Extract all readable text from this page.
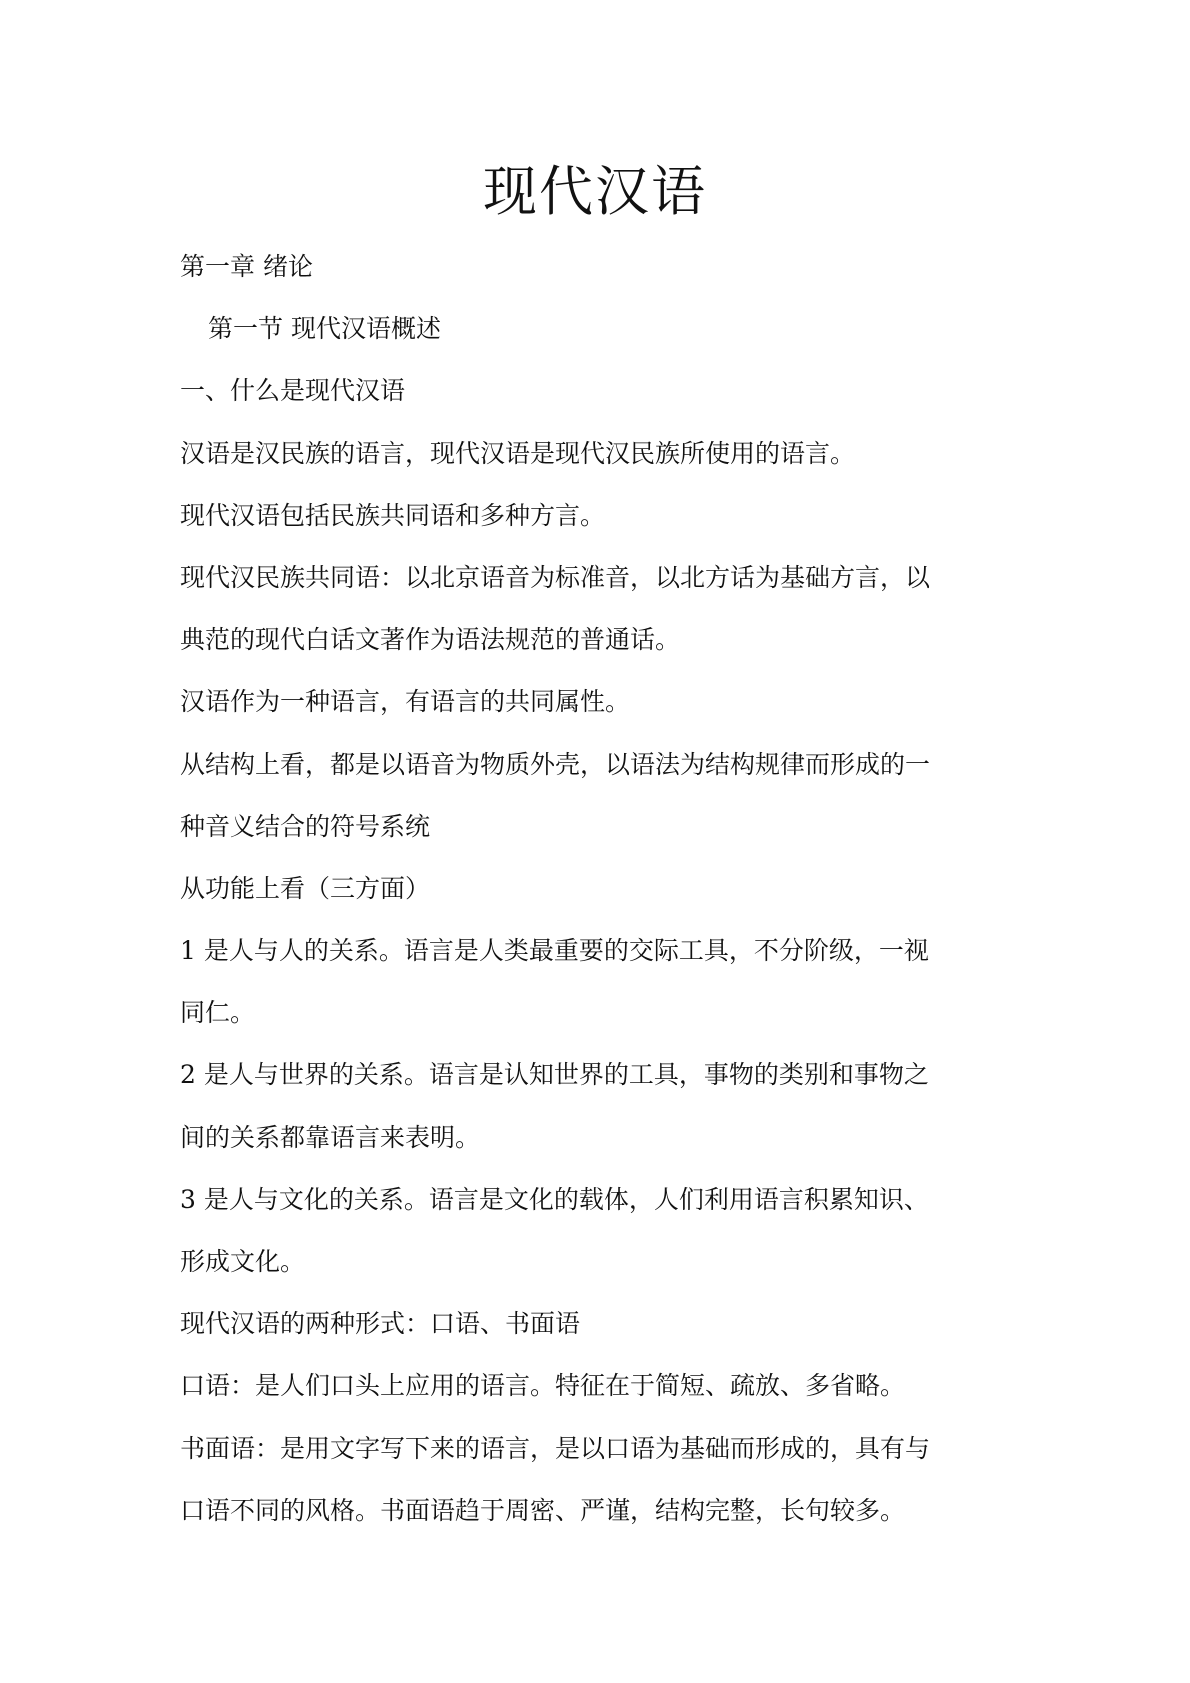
现代汉语
第一章 绪论
第一节 现代汉语概述
一、什么是现代汉语
汉语是汉民族的语言，现代汉语是现代汉民族所使用的语言。
现代汉语包括民族共同语和多种方言。
现代汉民族共同语：以北京语音为标准音，以北方话为基础方言，以
典范的现代白话文著作为语法规范的普通话。
汉语作为一种语言，有语言的共同属性。
从结构上看，都是以语音为物质外壳，以语法为结构规律而形成的一
种音义结合的符号系统
从功能上看（三方面）
1 是人与人的关系。语言是人类最重要的交际工具，不分阶级，一视
同仁。
2 是人与世界的关系。语言是认知世界的工具，事物的类别和事物之
间的关系都靠语言来表明。
3 是人与文化的关系。语言是文化的载体，人们利用语言积累知识、
形成文化。
现代汉语的两种形式：口语、书面语
口语：是人们口头上应用的语言。特征在于简短、疏放、多省略。
书面语：是用文字写下来的语言，是以口语为基础而形成的，具有与
口语不同的风格。书面语趋于周密、严谨，结构完整，长句较多。
